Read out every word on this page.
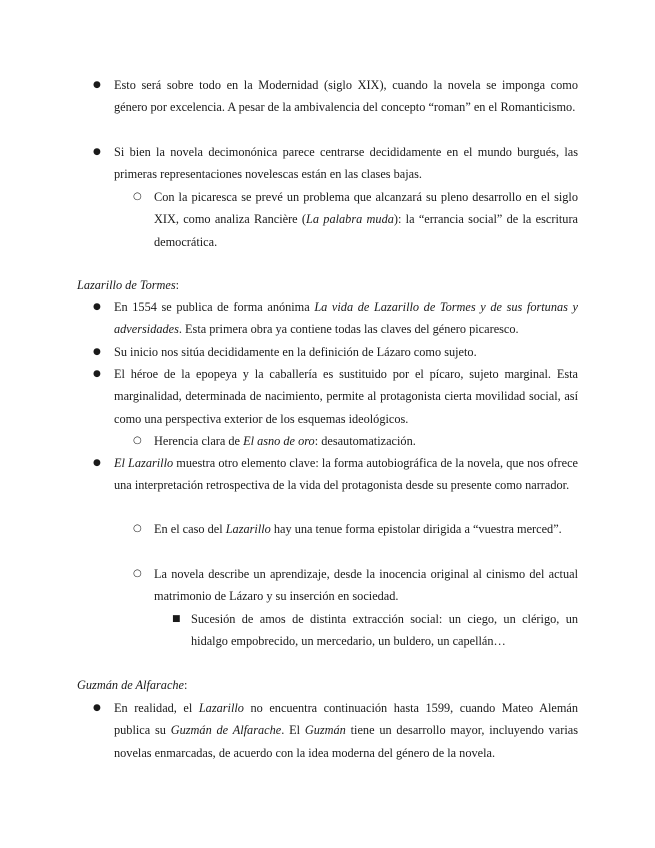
● Esto será sobre todo en la Modernidad (siglo XIX), cuando la novela se imponga como género por excelencia. A pesar de la ambivalencia del concepto “roman” en el Romanticismo.
● Si bien la novela decimonónica parece centrarse decididamente en el mundo burgués, las primeras representaciones novelescas están en las clases bajas.
○ Con la picaresca se prevé un problema que alcanzará su pleno desarrollo en el siglo XIX, como analiza Rancière (La palabra muda): la “errancia social” de la escritura democrática.
Lazarillo de Tormes:
● En 1554 se publica de forma anónima La vida de Lazarillo de Tormes y de sus fortunas y adversidades. Esta primera obra ya contiene todas las claves del género picaresco.
● Su inicio nos sitúa decididamente en la definición de Lázaro como sujeto.
● El héroe de la epopeya y la caballería es sustituido por el pícaro, sujeto marginal. Esta marginalidad, determinada de nacimiento, permite al protagonista cierta movilidad social, así como una perspectiva exterior de los esquemas ideológicos.
○ Herencia clara de El asno de oro: desautomatización.
● El Lazarillo muestra otro elemento clave: la forma autobiográfica de la novela, que nos ofrece una interpretación retrospectiva de la vida del protagonista desde su presente como narrador.
○ En el caso del Lazarillo hay una tenue forma epistolar dirigida a “vuestra merced”.
○ La novela describe un aprendizaje, desde la inocencia original al cinismo del actual matrimonio de Lázaro y su inserción en sociedad.
■ Sucesión de amos de distinta extracción social: un ciego, un clérigo, un hidalgo empobrecido, un mercedario, un buldero, un capellán…
Guzmán de Alfarache:
● En realidad, el Lazarillo no encuentra continuación hasta 1599, cuando Mateo Alemán publica su Guzmán de Alfarache. El Guzmán tiene un desarrollo mayor, incluyendo varias novelas enmarcadas, de acuerdo con la idea moderna del género de la novela.
